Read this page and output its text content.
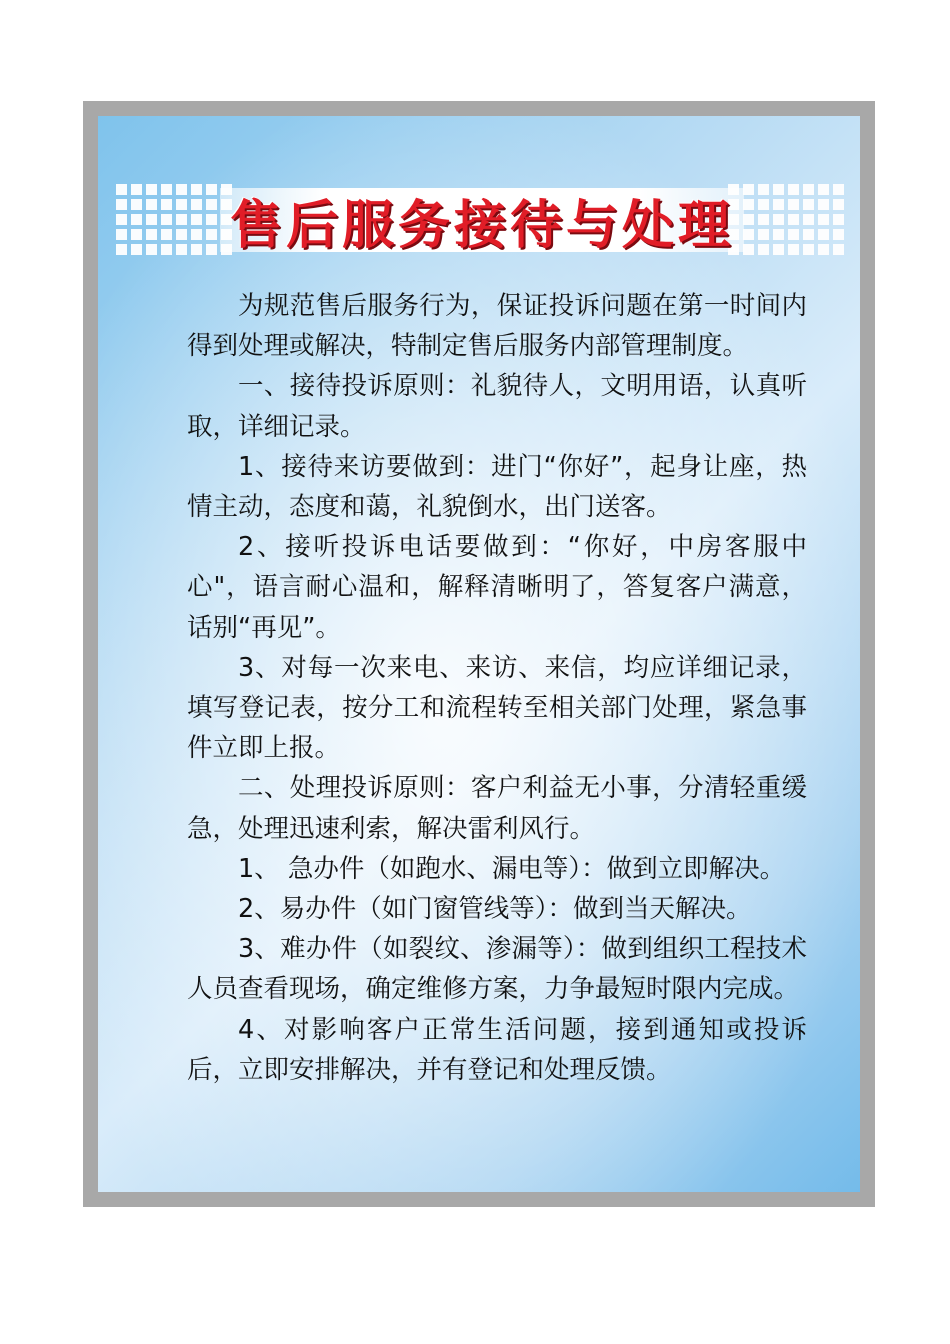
售后服务接待与处理

为规范售后服务行为，保证投诉问题在第一时间内得到处理或解决，特制定售后服务内部管理制度。

一、接待投诉原则：礼貌待人，文明用语，认真听取，详细记录。

1、接待来访要做到：进门“你好”，起身让座，热情主动，态度和蔼，礼貌倒水，出门送客。

2、接听投诉电话要做到：“你好，中房客服中心"，语言耐心温和，解释清晰明了，答复客户满意，话别“再见”。

3、对每一次来电、来访、来信，均应详细记录，填写登记表，按分工和流程转至相关部门处理，紧急事件立即上报。

二、处理投诉原则：客户利益无小事，分清轻重缓急，处理迅速利索，解决雷利风行。

1、 急办件（如跑水、漏电等）：做到立即解决。

2、易办件（如门窗管线等）：做到当天解决。

3、难办件（如裂纹、渗漏等）：做到组织工程技术人员查看现场，确定维修方案，力争最短时限内完成。

4、对影响客户正常生活问题，接到通知或投诉后，立即安排解决，并有登记和处理反馈。
